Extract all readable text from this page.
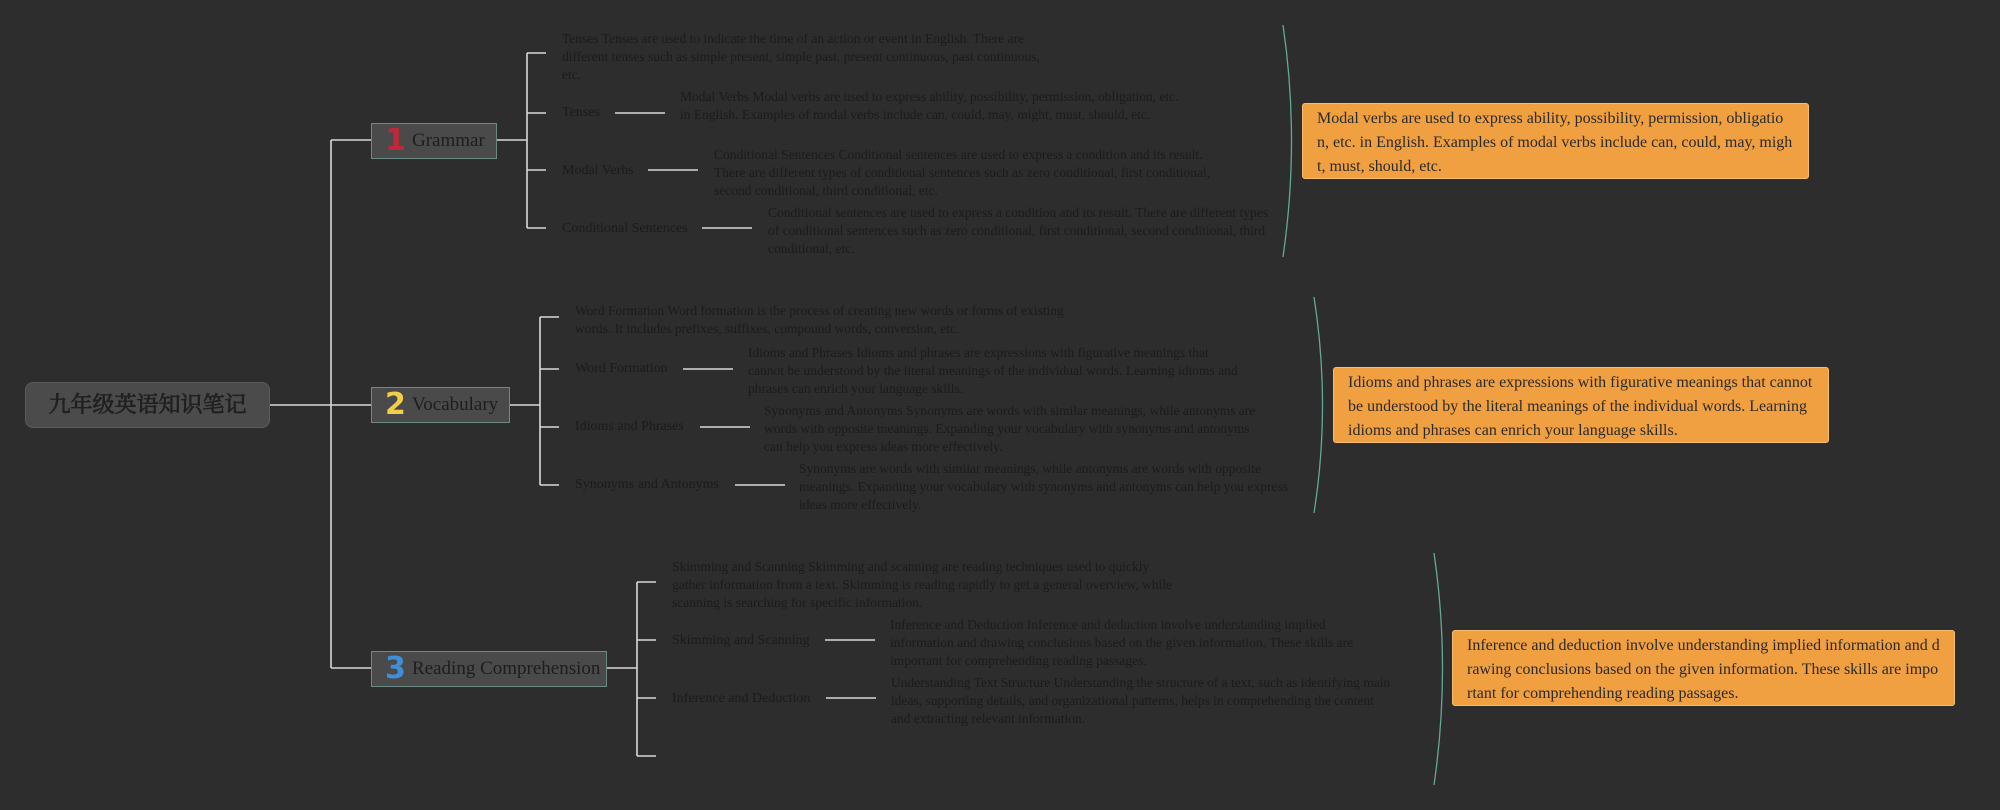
九年级英语知识笔记
1 Grammar
Tenses Tenses are used to indicate the time of an action or event in English. There are different tenses such as simple present, simple past, present continuous, past continuous, etc.
Tenses
Modal Verbs Modal verbs are used to express ability, possibility, permission, obligation, etc. in English. Examples of modal verbs include can, could, may, might, must, should, etc.
Modal Verbs
Conditional Sentences Conditional sentences are used to express a condition and its result. There are different types of conditional sentences such as zero conditional, first conditional, second conditional, third conditional, etc.
Conditional Sentences
Conditional sentences are used to express a condition and its result. There are different types of conditional sentences such as zero conditional, first conditional, second conditional, third conditional, etc.
Modal verbs are used to express ability, possibility, permission, obligation, etc. in English. Examples of modal verbs include can, could, may, might, must, should, etc.
2 Vocabulary
Word Formation Word formation is the process of creating new words or forms of existing words. It includes prefixes, suffixes, compound words, conversion, etc.
Word Formation
Idioms and Phrases Idioms and phrases are expressions with figurative meanings that cannot be understood by the literal meanings of the individual words. Learning idioms and phrases can enrich your language skills.
Idioms and Phrases
Synonyms and Antonyms Synonyms are words with similar meanings, while antonyms are words with opposite meanings. Expanding your vocabulary with synonyms and antonyms can help you express ideas more effectively.
Synonyms and Antonyms
Synonyms are words with similar meanings, while antonyms are words with opposite meanings. Expanding your vocabulary with synonyms and antonyms can help you express ideas more effectively.
Idioms and phrases are expressions with figurative meanings that cannot be understood by the literal meanings of the individual words. Learning idioms and phrases can enrich your language skills.
3 Reading Comprehension
Skimming and Scanning Skimming and scanning are reading techniques used to quickly gather information from a text. Skimming is reading rapidly to get a general overview, while scanning is searching for specific information.
Skimming and Scanning
Inference and Deduction Inference and deduction involve understanding implied information and drawing conclusions based on the given information. These skills are important for comprehending reading passages.
Inference and Deduction
Understanding Text Structure Understanding the structure of a text, such as identifying main ideas, supporting details, and organizational patterns, helps in comprehending the content and extracting relevant information.
Inference and deduction involve understanding implied information and drawing conclusions based on the given information. These skills are important for comprehending reading passages.
